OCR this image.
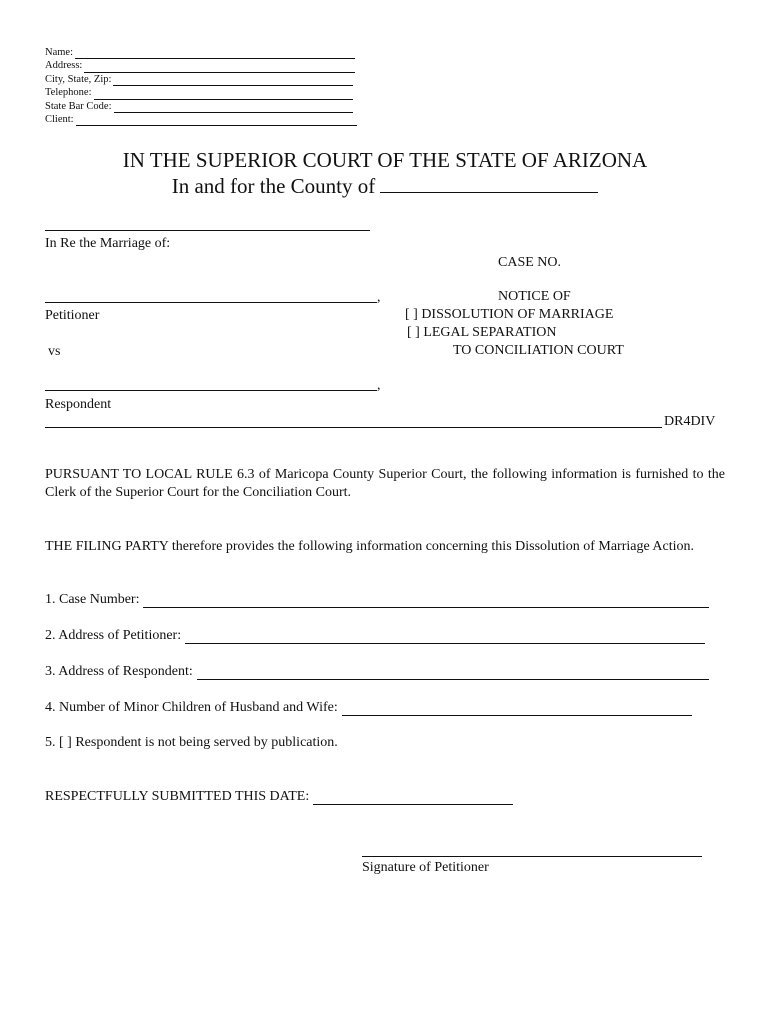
Name:
Address:
City, State, Zip:
Telephone:
State Bar Code:
Client:
IN THE SUPERIOR COURT OF THE STATE OF ARIZONA
In and for the County of
In Re the Marriage of:
CASE NO.
,
Petitioner
vs
NOTICE OF
[ ] DISSOLUTION OF MARRIAGE
[ ] LEGAL SEPARATION
TO CONCILIATION COURT
,
Respondent
DR4DIV
PURSUANT TO LOCAL RULE 6.3 of Maricopa County Superior Court, the following information is furnished to the Clerk of the Superior Court for the Conciliation Court.
THE FILING PARTY therefore provides the following information concerning this Dissolution of Marriage Action.
1. Case Number:
2. Address of Petitioner:
3. Address of Respondent:
4. Number of Minor Children of Husband and Wife:
5. [ ] Respondent is not being served by publication.
RESPECTFULLY SUBMITTED THIS DATE:
Signature of Petitioner
